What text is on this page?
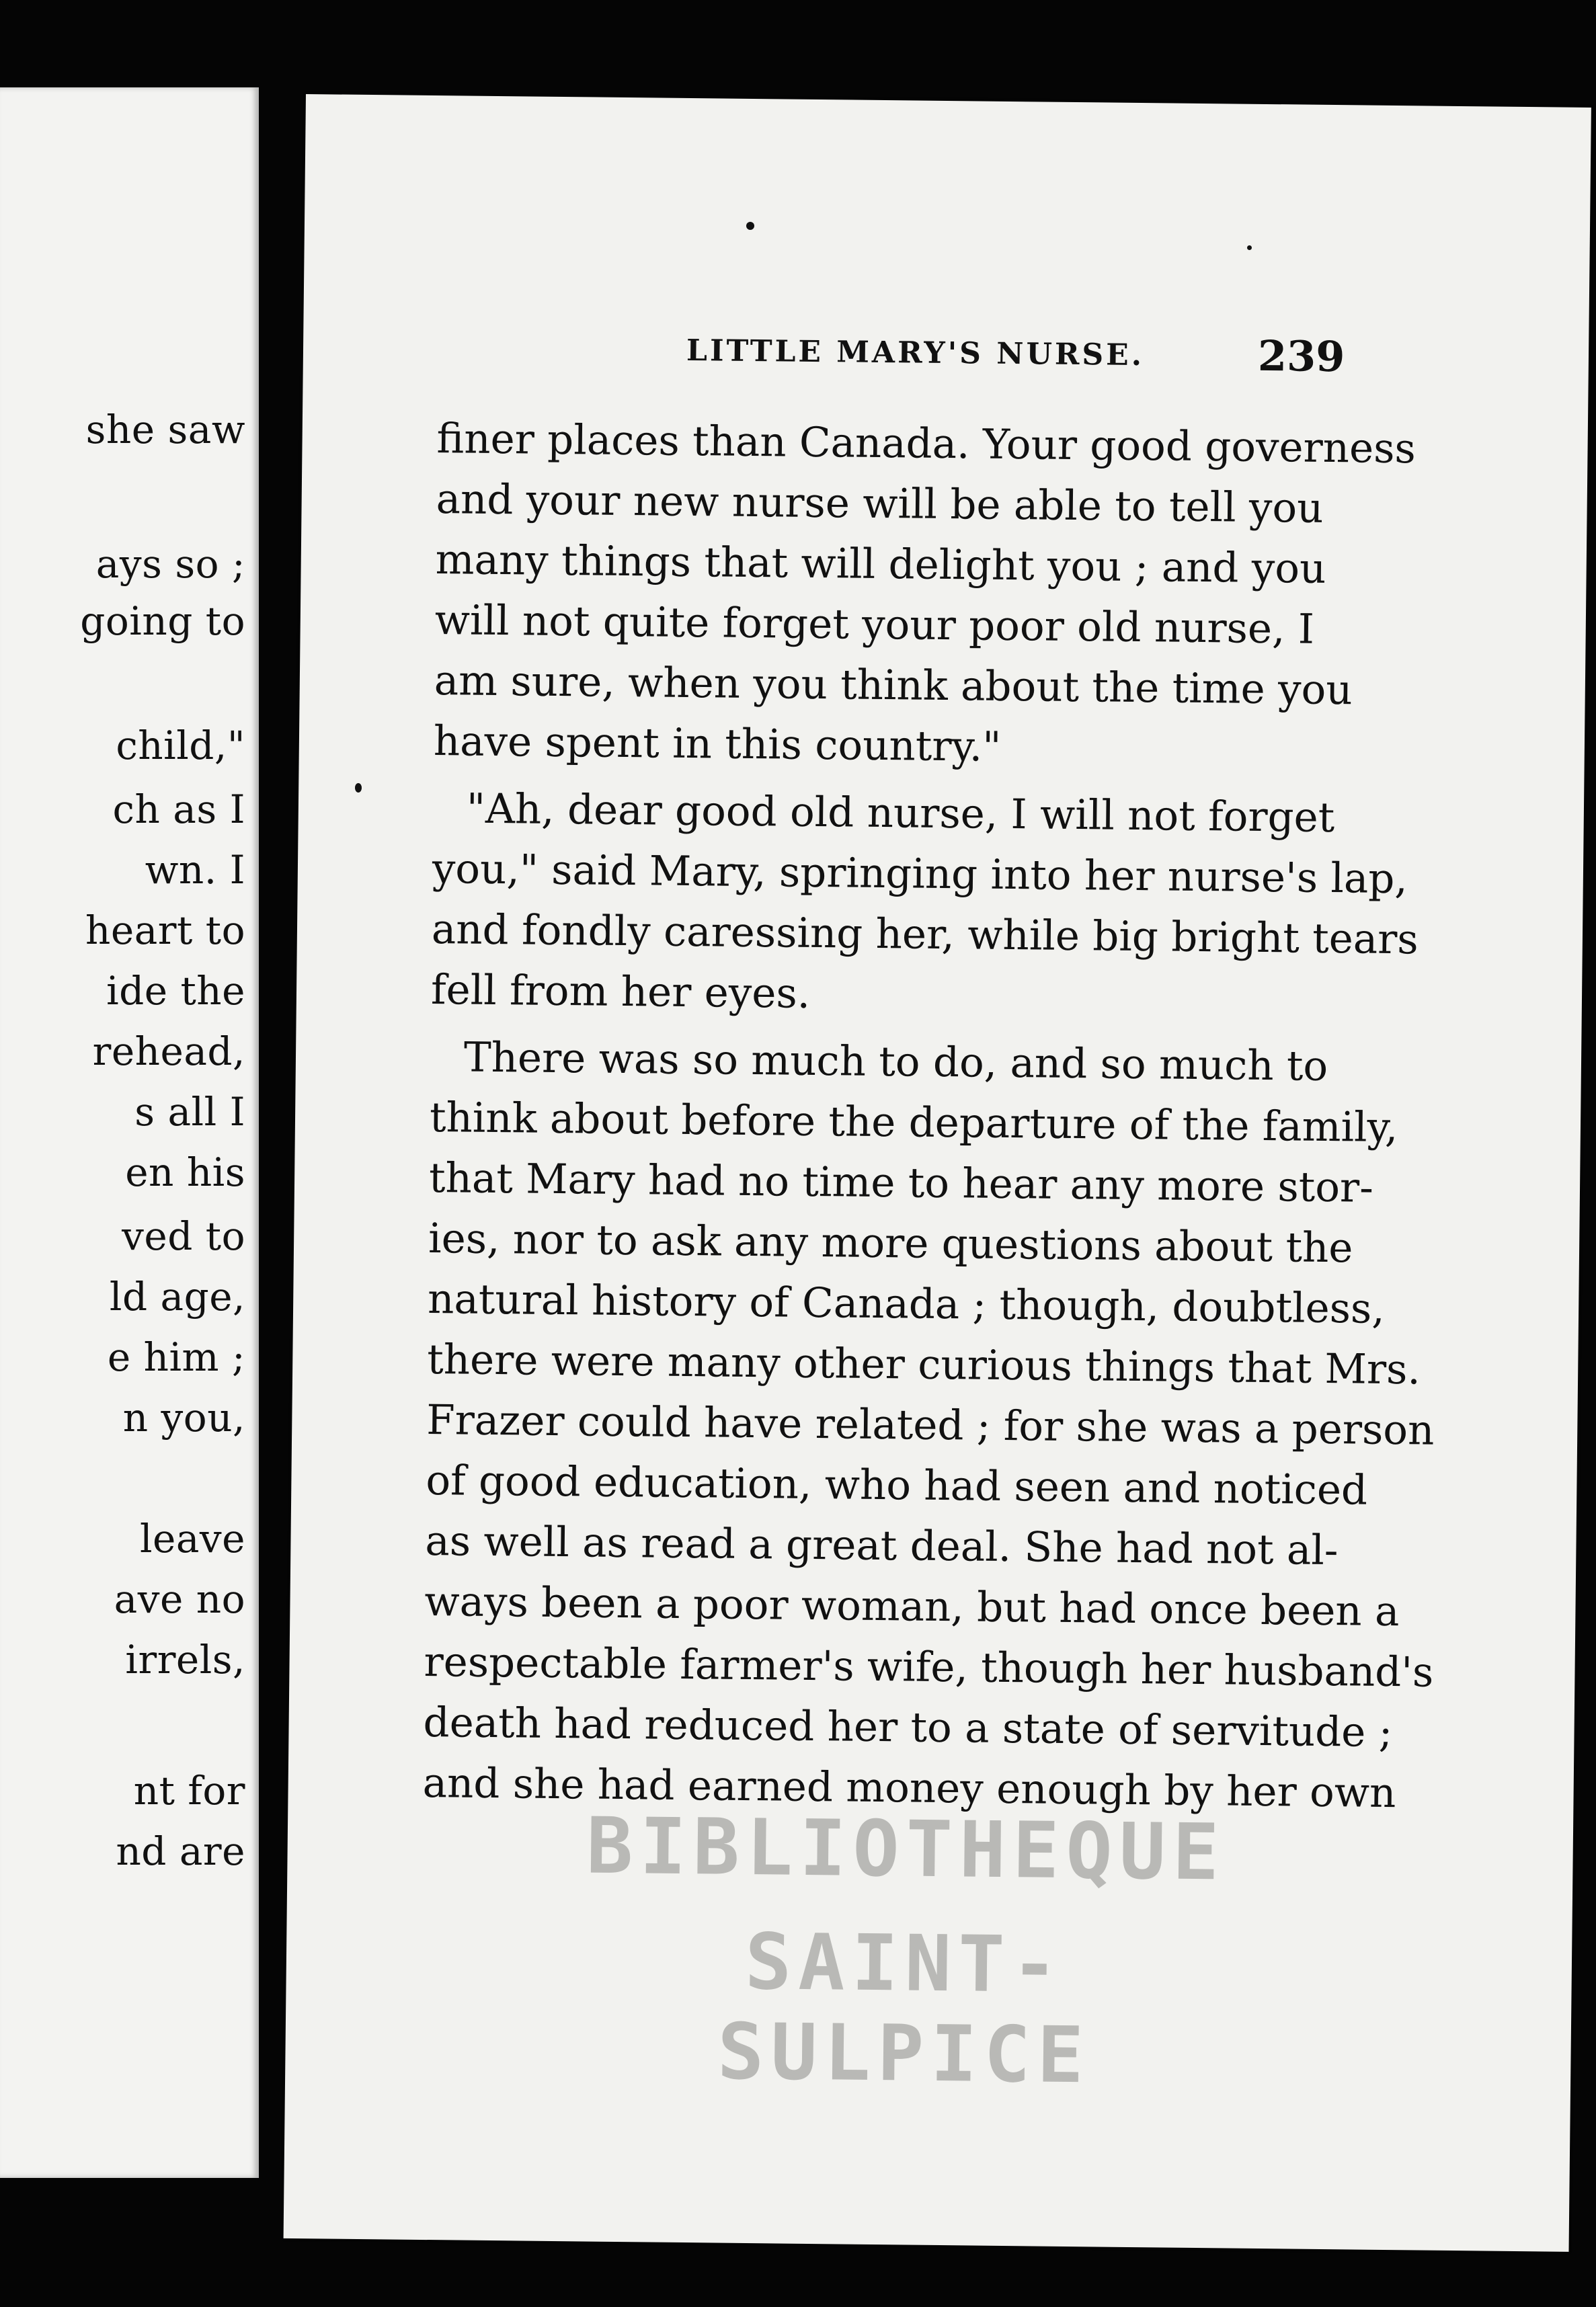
she saw
ays so ;
going to
child,"
ch as I
wn. I
heart to
ide the
rehead,
s all I
en his
ved to
ld age,
e him ;
n you,
leave
ave no
irrels,
nt for
nd are
LITTLE MARY'S NURSE.	239
finer places than Canada. Your good governess
and your new nurse will be able to tell you
many things that will delight you ; and you
will not quite forget your poor old nurse, I
am sure, when you think about the time you
have spent in this country."
"Ah, dear good old nurse, I will not forget
you," said Mary, springing into her nurse's lap,
and fondly caressing her, while big bright tears
fell from her eyes.
There was so much to do, and so much to
think about before the departure of the family,
that Mary had no time to hear any more stor-
ies, nor to ask any more questions about the
natural history of Canada ; though, doubtless,
there were many other curious things that Mrs.
Frazer could have related ; for she was a person
of good education, who had seen and noticed
as well as read a great deal. She had not al-
ways been a poor woman, but had once been a
respectable farmer's wife, though her husband's
death had reduced her to a state of servitude ;
and she had earned money enough by her own
BIBLIOTHEQUE
SAINT-SULPICE
